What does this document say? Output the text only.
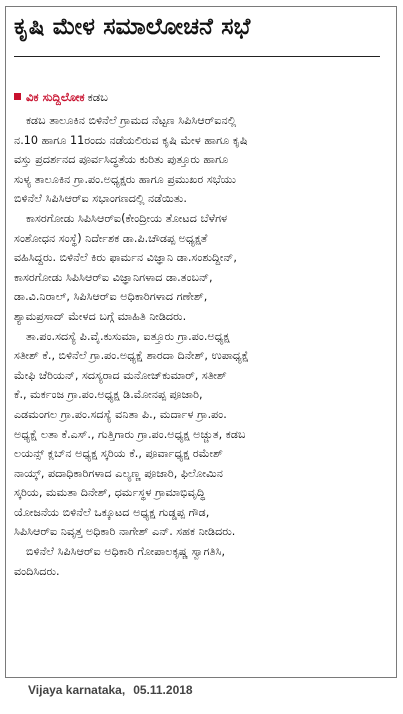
ಕೃಷಿ ಮೇಳ ಸಮಾಲೋಚನೆ ಸಭೆ
ವಿಕ ಸುದ್ದಿಲೋಕ ಕಡಬ

ಕಡಬ ತಾಲೂಕಿನ ಬಿಳಿನೆಲೆ ಗ್ರಾಮದ ನೆಟ್ಟಣ ಸಿಪಿಸಿಆರ್‌ಐನಲ್ಲಿ
ನ.10 ಹಾಗೂ 11ರಂದು ನಡೆಯಲಿರುವ ಕೃಷಿ ಮೇಳ ಹಾಗೂ ಕೃಷಿ
ವಸ್ತು ಪ್ರದರ್ಶನದ ಪೂರ್ವಸಿದ್ಧತೆಯ ಕುರಿತು ಪುತ್ತೂರು ಹಾಗೂ
ಸುಳ್ಯ ತಾಲೂಕಿನ ಗ್ರಾ.ಪಂ.ಅಧ್ಯಕ್ಷರು ಹಾಗೂ ಪ್ರಮುಖರ ಸಭೆಯು
ಬಿಳಿನೆಲೆ ಸಿಪಿಸಿಆರ್‌ಐ ಸಭಾಂಗಣದಲ್ಲಿ ನಡೆಯಿತು.

ಕಾಸರಗೋಡು ಸಿಪಿಸಿಆರ್‌ಐ(ಕೇಂದ್ರೀಯ ತೋಟದ ಬೆಳೆಗಳ
ಸಂಶೋಧನ ಸಂಸ್ಥೆ) ನಿರ್ದೇಶಕ ಡಾ.ಪಿ.ಚೌಡಪ್ಪ ಅಧ್ಯಕ್ಷತೆ
ವಹಿಸಿದ್ದರು. ಬಿಳಿನೆಲೆ ಕಿರು ಫಾರ್ಮನ ವಿಜ್ಞಾನಿ ಡಾ.ಸಂಶುದ್ದೀನ್,
ಕಾಸರಗೋಡು ಸಿಪಿಸಿಆರ್‌ಐ ವಿಜ್ಞಾನಿಗಳಾದ ಡಾ.ತಂಬನ್,
ಡಾ.ವಿ.ನಿರಾಲ್, ಸಿಪಿಸಿಆರ್‌ಐ ಅಧಿಕಾರಿಗಳಾದ ಗಣೇಶ್,
ಶ್ಯಾಮಪ್ರಸಾದ್ ಮೇಳದ ಬಗ್ಗೆ ಮಾಹಿತಿ ನೀಡಿದರು.

ತಾ.ಪಂ.ಸದಸ್ಯೆ ಪಿ.ವೈ.ಕುಸುಮಾ, ಐತ್ತೂರು ಗ್ರಾ.ಪಂ.ಅಧ್ಯಕ್ಷ
ಸತೀಶ್ ಕೆ., ಬಿಳಿನೆಲೆ ಗ್ರಾ.ಪಂ.ಅಧ್ಯಕ್ಷೆ ಶಾರದಾ ದಿನೇಶ್, ಉಪಾಧ್ಯಕ್ಷೆ
ಮೇಫಿ ಚೆರಿಯನ್, ಸದಸ್ಯರಾದ ಮನೋಜ್‌ಕುಮಾರ್, ಸತೀಶ್
ಕೆ., ಮರ್ಕಂಜ ಗ್ರಾ.ಪಂ.ಅಧ್ಯಕ್ಷ ಡಿ.ಮೋನಪ್ಪ ಪೂಜಾರಿ,
ಎಡಮಂಗಲ ಗ್ರಾ.ಪಂ.ಸದಸ್ಯೆ ವನಿತಾ ಪಿ., ಮರ್ದಾಳ ಗ್ರಾ.ಪಂ.
ಅಧ್ಯಕ್ಷೆ ಲತಾ ಕೆ.ಎಸ್., ಗುತ್ತಿಗಾರು ಗ್ರಾ.ಪಂ.ಅಧ್ಯಕ್ಷ ಅಚ್ಚುತ, ಕಡಬ
ಲಯನ್ಸ್ ಕ್ಲಬ್‌ನ ಅಧ್ಯಕ್ಷ ಸ್ಕರಿಯ ಕೆ., ಪೂರ್ವಾಧ್ಯಕ್ಷ ರಮೇಶ್
ನಾಯ್ಕ್, ಪದಾಧಿಕಾರಿಗಳಾದ ಎಲ್ಯಣ್ಣ ಪೂಜಾರಿ, ಫಿಲೋಮಿನ
ಸ್ಕರಿಯ, ಮಮತಾ ದಿನೇಶ್, ಧರ್ಮಸ್ಥಳ ಗ್ರಾಮಾಭಿವೃದ್ಧಿ
ಯೋಜನೆಯ ಬಿಳಿನೆಲೆ ಒಕ್ಕೂಟದ ಅಧ್ಯಕ್ಷ ಗುಡ್ಡಪ್ಪ ಗೌಡ,
ಸಿಪಿಸಿಆರ್‌ಐ ನಿವೃತ್ತ ಅಧಿಕಾರಿ ನಾಗೇಶ್ ಎನ್. ಸಹಕ ನೀಡಿದರು.

ಬಿಳಿನೆಲೆ ಸಿಪಿಸಿಆರ್‌ಐ ಅಧಿಕಾರಿ ಗೋಪಾಲಕೃಷ್ಣ ಸ್ವಾಗತಿಸಿ,
ವಂದಿಸಿದರು.

Vijaya karnataka, 05.11.2018
